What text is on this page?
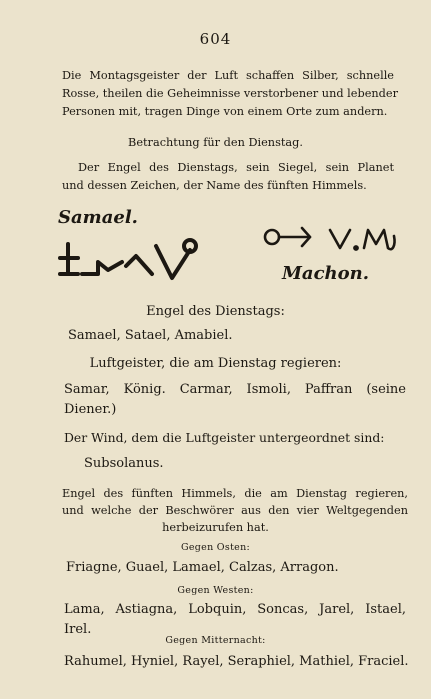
604
Die Montagsgeister der Luft schaffen Silber, schnelle
Rosse, theilen die Geheimnisse verstorbener und lebender
Personen mit, tragen Dinge von einem Orte zum andern.
Betrachtung für den Dienstag.
Der Engel des Dienstags, sein Siegel, sein Planet
und dessen Zeichen, der Name des fünften Himmels.
Samael.
Machon.
Engel des Dienstags:
Samael, Satael, Amabiel.
Luftgeister, die am Dienstag regieren:
Samar, König. Carmar, Ismoli, Paffran (seine
Diener.)
Der Wind, dem die Luftgeister untergeordnet sind:
Subsolanus.
Engel des fünften Himmels, die am Dienstag regieren,
und welche der Beschwörer aus den vier Weltgegenden
herbeizurufen hat.
Gegen Osten:
Friagne, Guael, Lamael, Calzas, Arragon.
Gegen Westen:
Lama, Astiagna, Lobquin, Soncas, Jarel, Istael,
Irel.
Gegen Mitternacht:
Rahumel, Hyniel, Rayel, Seraphiel, Mathiel, Fraciel.
